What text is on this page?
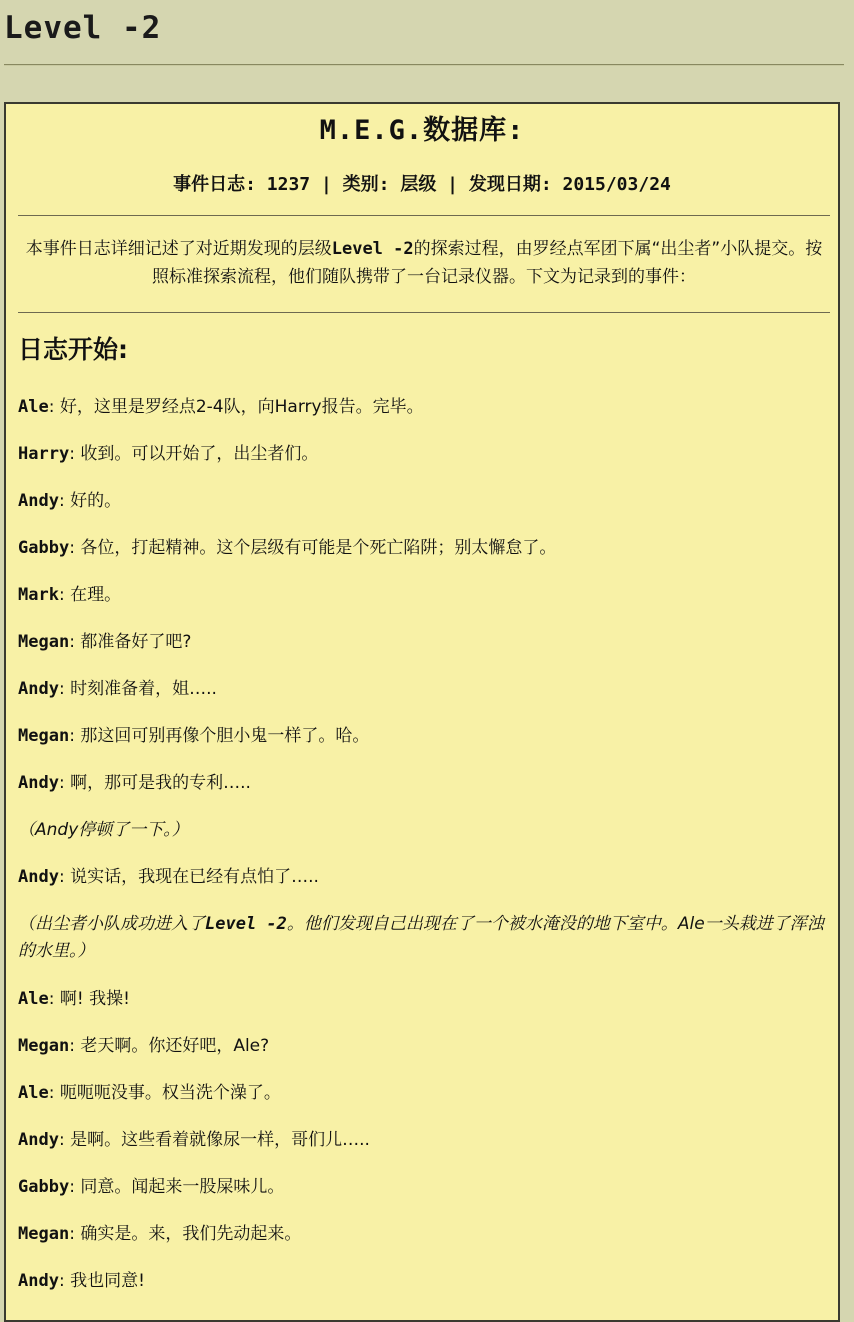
Level -2
M.E.G.数据库:
事件日志: 1237 | 类别: 层级 | 发现日期: 2015/03/24
本事件日志详细记述了对近期发现的层级Level -2的探索过程，由罗经点军团下属“出尘者”小队提交。按照标准探索流程，他们随队携带了一台记录仪器。下文为记录到的事件：
日志开始:
Ale: 好，这里是罗经点2-4队，向Harry报告。完毕。
Harry: 收到。可以开始了，出尘者们。
Andy: 好的。
Gabby: 各位，打起精神。这个层级有可能是个死亡陷阱；别太懈怠了。
Mark: 在理。
Megan: 都准备好了吧?
Andy: 时刻准备着，姐…..
Megan: 那这回可别再像个胆小鬼一样了。哈。
Andy: 啊，那可是我的专利…..
（Andy停顿了一下。）
Andy: 说实话，我现在已经有点怕了…..
（出尘者小队成功进入了Level -2。他们发现自己出现在了一个被水淹没的地下室中。Ale一头栽进了浑浊的水里。）
Ale: 啊! 我操!
Megan: 老天啊。你还好吧，Ale?
Ale: 呃呃呃没事。权当洗个澡了。
Andy: 是啊。这些看着就像尿一样，哥们儿…..
Gabby: 同意。闻起来一股屎味儿。
Megan: 确实是。来，我们先动起来。
Andy: 我也同意!
